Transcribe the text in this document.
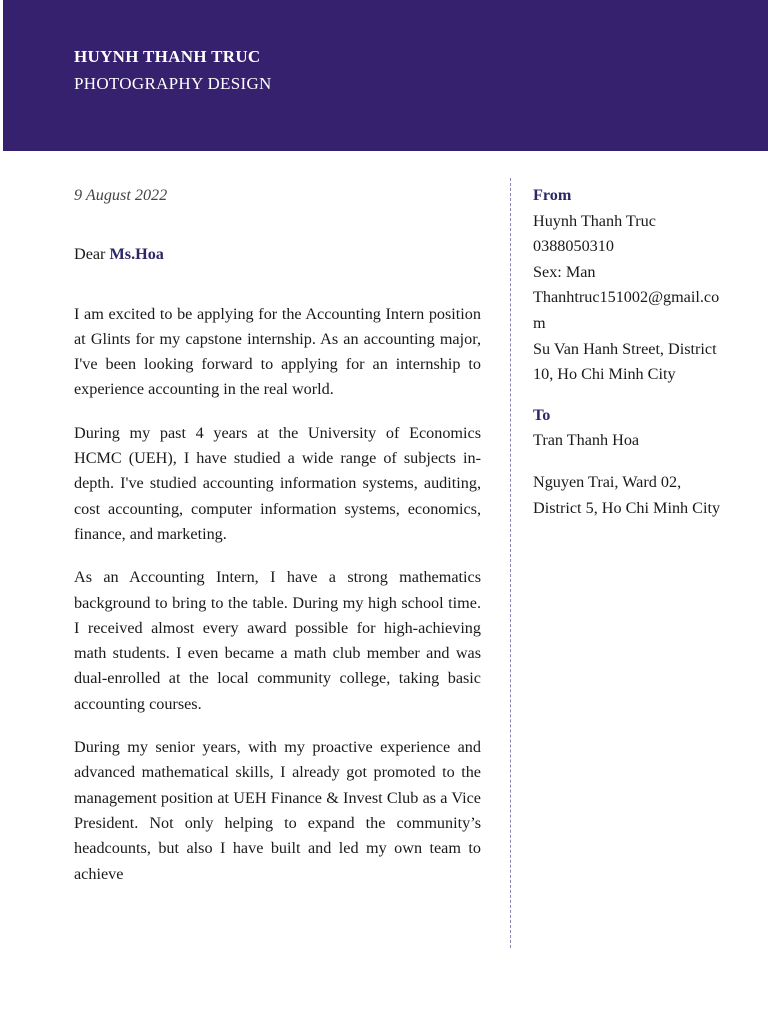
HUYNH THANH TRUC
PHOTOGRAPHY DESIGN

9 August 2022

Dear Ms.Hoa

I am excited to be applying for the Accounting Intern position at Glints for my capstone internship. As an accounting major, I've been looking forward to applying for an internship to experience accounting in the real world.

During my past 4 years at the University of Economics HCMC (UEH), I have studied a wide range of subjects in-depth. I've studied accounting information systems, auditing, cost accounting, computer information systems, economics, finance, and marketing.

As an Accounting Intern, I have a strong mathematics background to bring to the table. During my high school time. I received almost every award possible for high-achieving math students. I even became a math club member and was dual-enrolled at the local community college, taking basic accounting courses.

During my senior years, with my proactive experience and advanced mathematical skills, I already got promoted to the management position at UEH Finance & Invest Club as a Vice President. Not only helping to expand the community’s headcounts, but also I have built and led my own team to achieve

From

Huynh Thanh Truc

0388050310

Sex: Man

Thanhtruc151002@gmail.com

Su Van Hanh Street, District

10, Ho Chi Minh City

To

Tran Thanh Hoa

Nguyen Trai, Ward 02, District 5, Ho Chi Minh City
